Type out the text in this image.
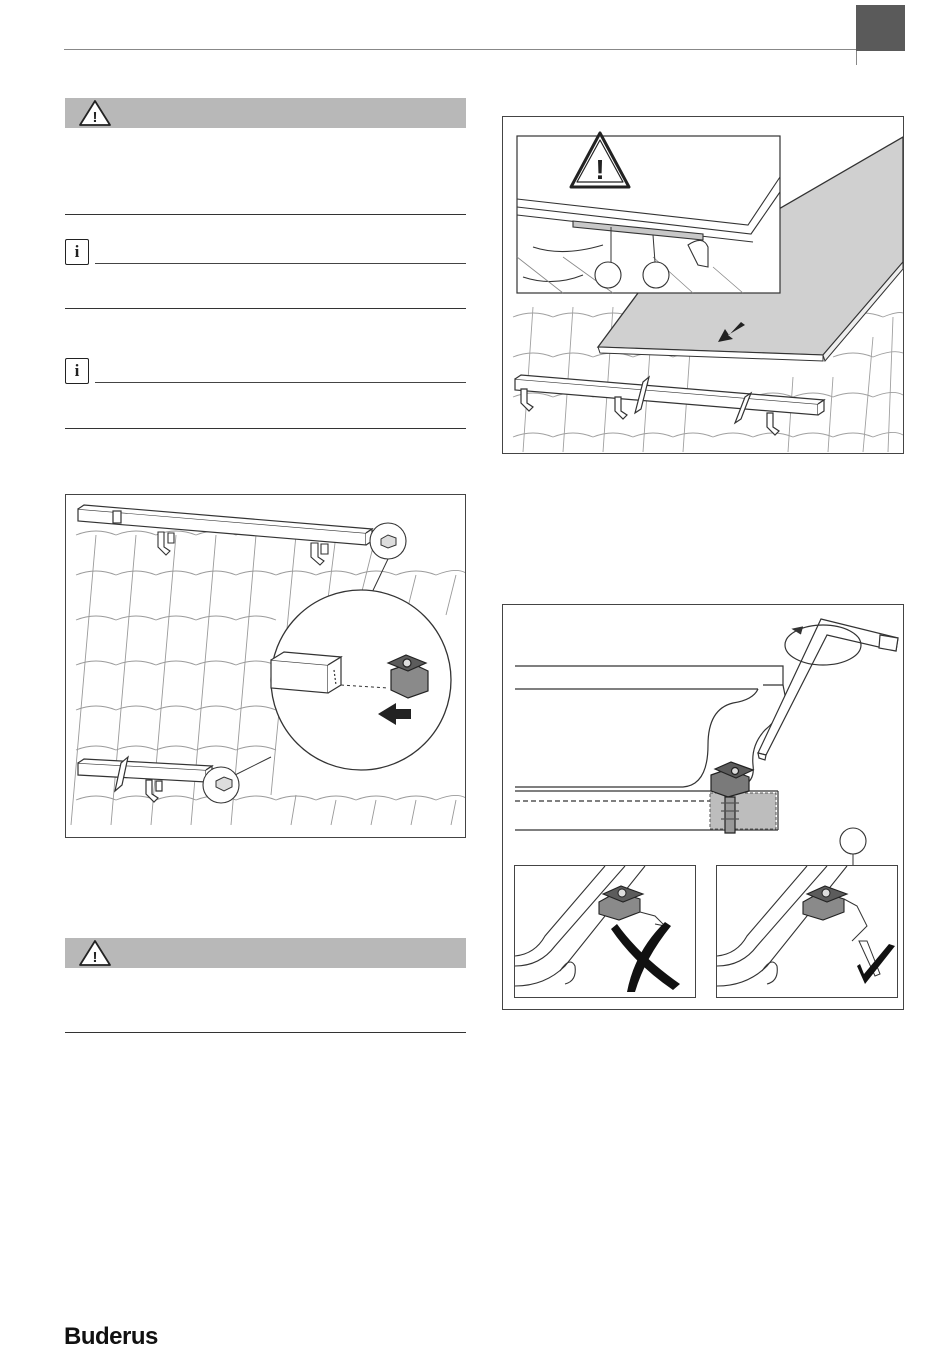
!
i
i
!
!
Buderus
